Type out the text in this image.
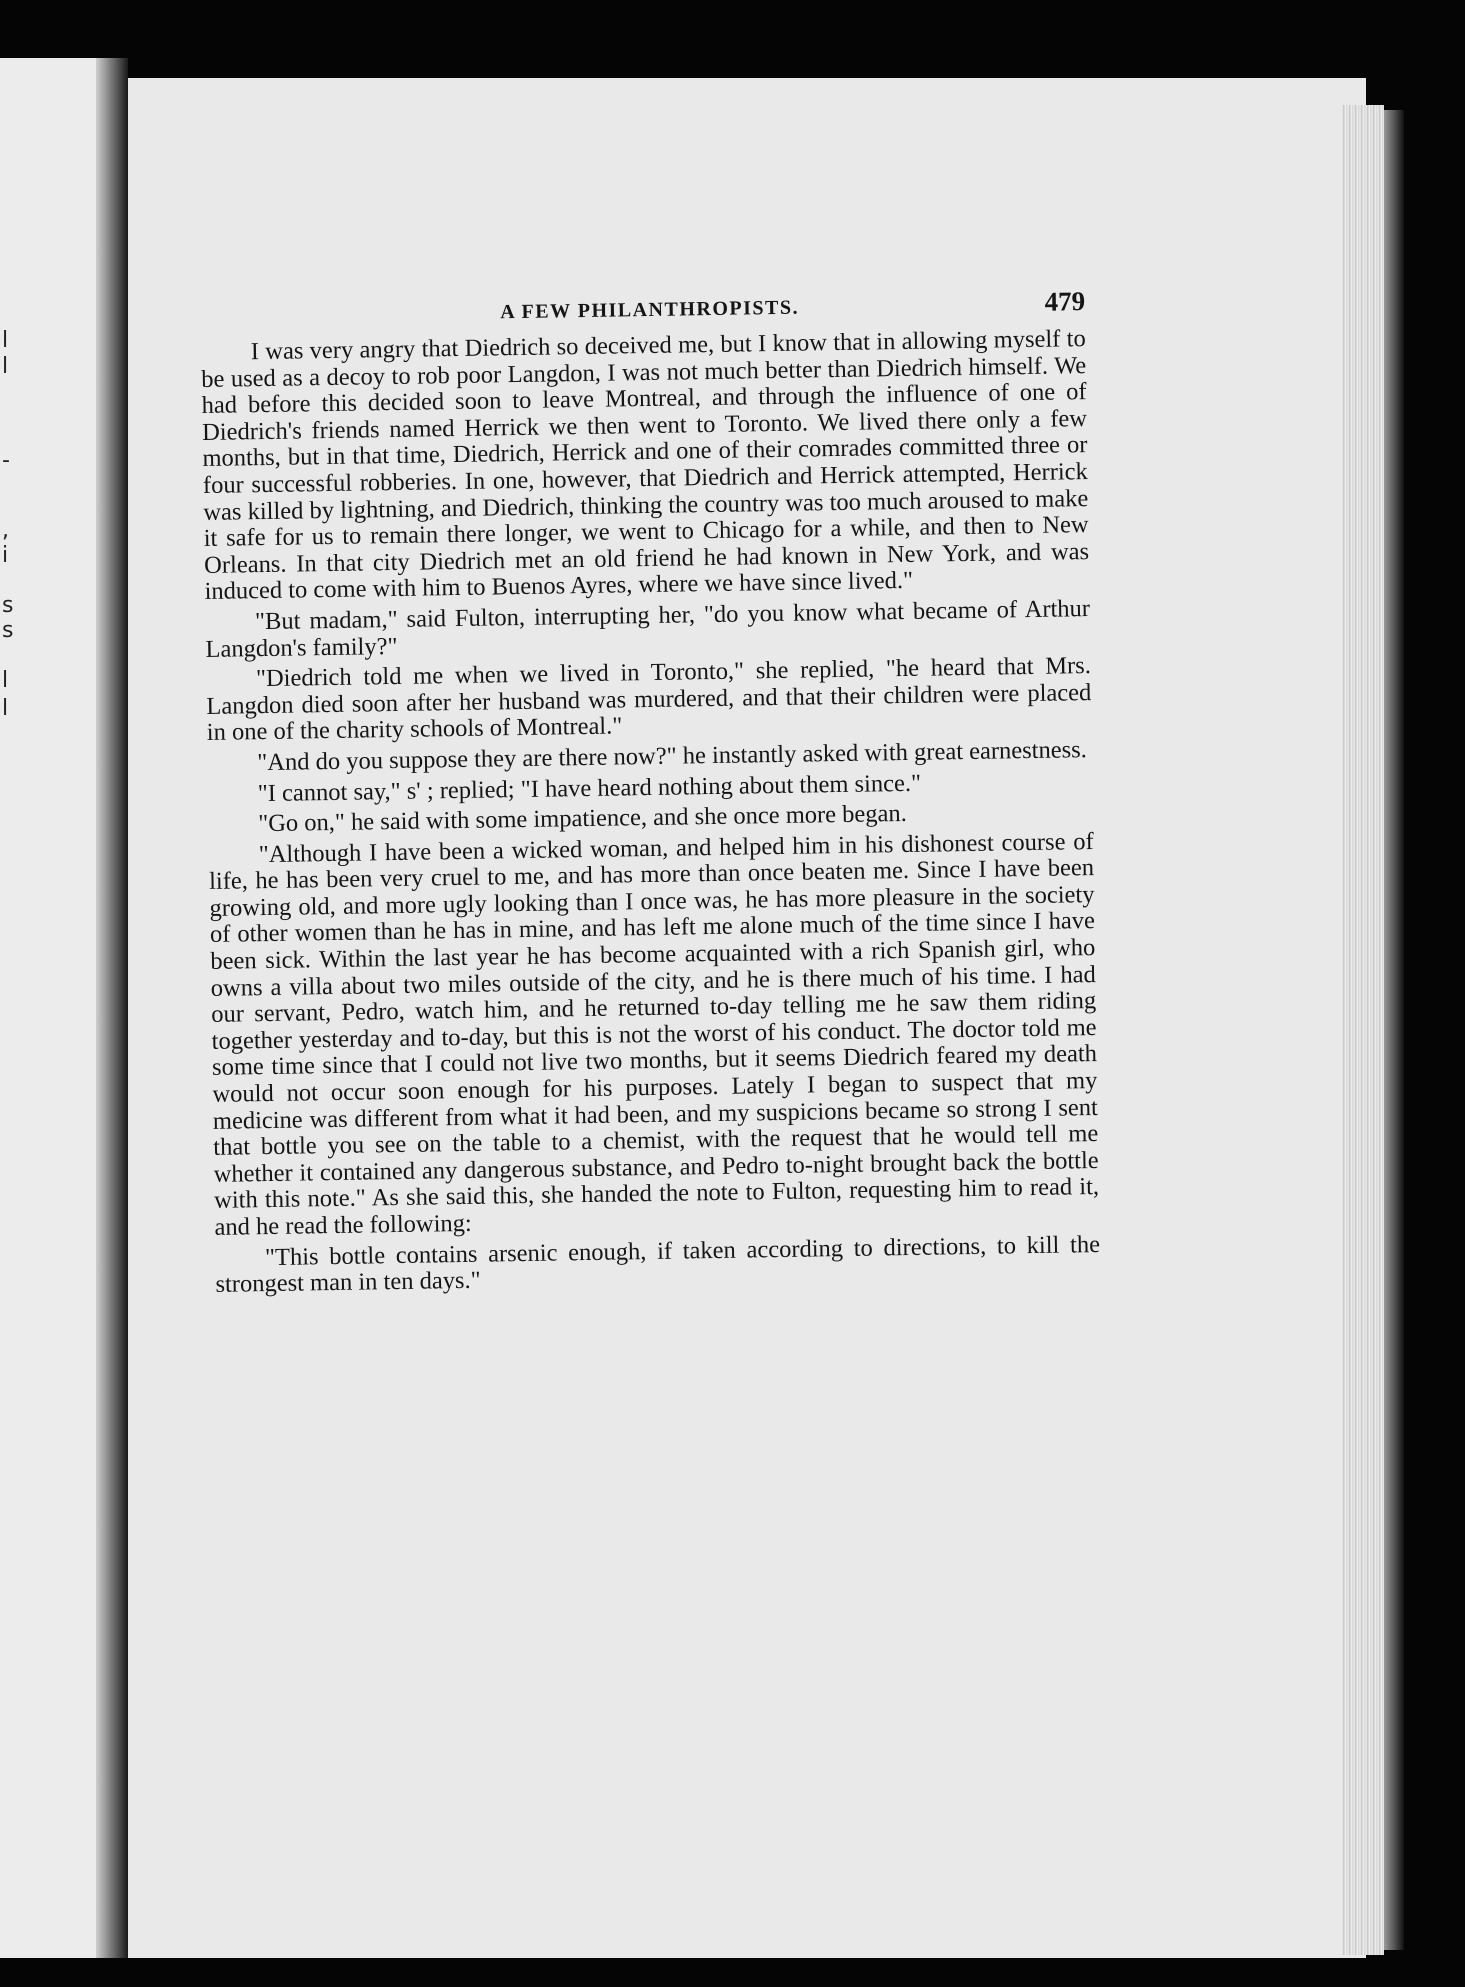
l
l
-
,
i
s
s
l
l
A FEW PHILANTHROPISTS.	479

I was very angry that Diedrich so deceived me, but I know that in allowing myself to be used as a decoy to rob poor Langdon, I was not much better than Diedrich himself. We had before this decided soon to leave Montreal, and through the influence of one of Diedrich's friends named Herrick we then went to Toronto. We lived there only a few months, but in that time, Diedrich, Herrick and one of their comrades committed three or four successful robberies. In one, however, that Diedrich and Herrick attempted, Herrick was killed by lightning, and Diedrich, thinking the country was too much aroused to make it safe for us to remain there longer, we went to Chicago for a while, and then to New Orleans. In that city Diedrich met an old friend he had known in New York, and was induced to come with him to Buenos Ayres, where we have since lived."

"But madam," said Fulton, interrupting her, "do you know what became of Arthur Langdon's family?"

"Diedrich told me when we lived in Toronto," she replied, "he heard that Mrs. Langdon died soon after her husband was murdered, and that their children were placed in one of the charity schools of Montreal."

"And do you suppose they are there now?" he instantly asked with great earnestness.

"I cannot say," s' ; replied; "I have heard nothing about them since."

"Go on," he said with some impatience, and she once more began.

"Although I have been a wicked woman, and helped him in his dishonest course of life, he has been very cruel to me, and has more than once beaten me. Since I have been growing old, and more ugly looking than I once was, he has more pleasure in the society of other women than he has in mine, and has left me alone much of the time since I have been sick. Within the last year he has become acquainted with a rich Spanish girl, who owns a villa about two miles outside of the city, and he is there much of his time. I had our servant, Pedro, watch him, and he returned to-day telling me he saw them riding together yesterday and to-day, but this is not the worst of his conduct. The doctor told me some time since that I could not live two months, but it seems Diedrich feared my death would not occur soon enough for his purposes. Lately I began to suspect that my medicine was different from what it had been, and my suspicions became so strong I sent that bottle you see on the table to a chemist, with the request that he would tell me whether it contained any dangerous substance, and Pedro to-night brought back the bottle with this note." As she said this, she handed the note to Fulton, requesting him to read it, and he read the following:

"This bottle contains arsenic enough, if taken according to directions, to kill the strongest man in ten days."
